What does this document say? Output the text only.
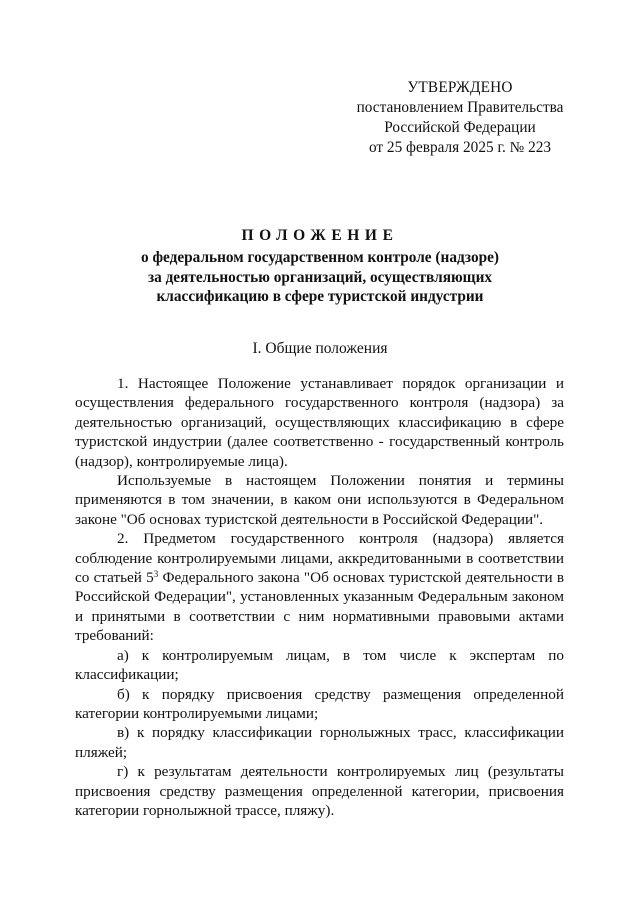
УТВЕРЖДЕНО
постановлением Правительства
Российской Федерации
от 25 февраля 2025 г. № 223
ПОЛОЖЕНИЕ
о федеральном государственном контроле (надзоре)
за деятельностью организаций, осуществляющих
классификацию в сфере туристской индустрии
I. Общие положения

1. Настоящее Положение устанавливает порядок организации и осуществления федерального государственного контроля (надзора) за деятельностью организаций, осуществляющих классификацию в сфере туристской индустрии (далее соответственно - государственный контроль (надзор), контролируемые лица).

Используемые в настоящем Положении понятия и термины применяются в том значении, в каком они используются в Федеральном законе "Об основах туристской деятельности в Российской Федерации".

2. Предметом государственного контроля (надзора) является соблюдение контролируемыми лицами, аккредитованными в соответствии со статьей $5^3$ Федерального закона "Об основах туристской деятельности в Российской Федерации", установленных указанным Федеральным законом и принятыми в соответствии с ним нормативными правовыми актами требований:

а) к контролируемым лицам, в том числе к экспертам по классификации;

б) к порядку присвоения средству размещения определенной категории контролируемыми лицами;

в) к порядку классификации горнолыжных трасс, классификации пляжей;

г) к результатам деятельности контролируемых лиц (результаты присвоения средству размещения определенной категории, присвоения категории горнолыжной трассе, пляжу).
